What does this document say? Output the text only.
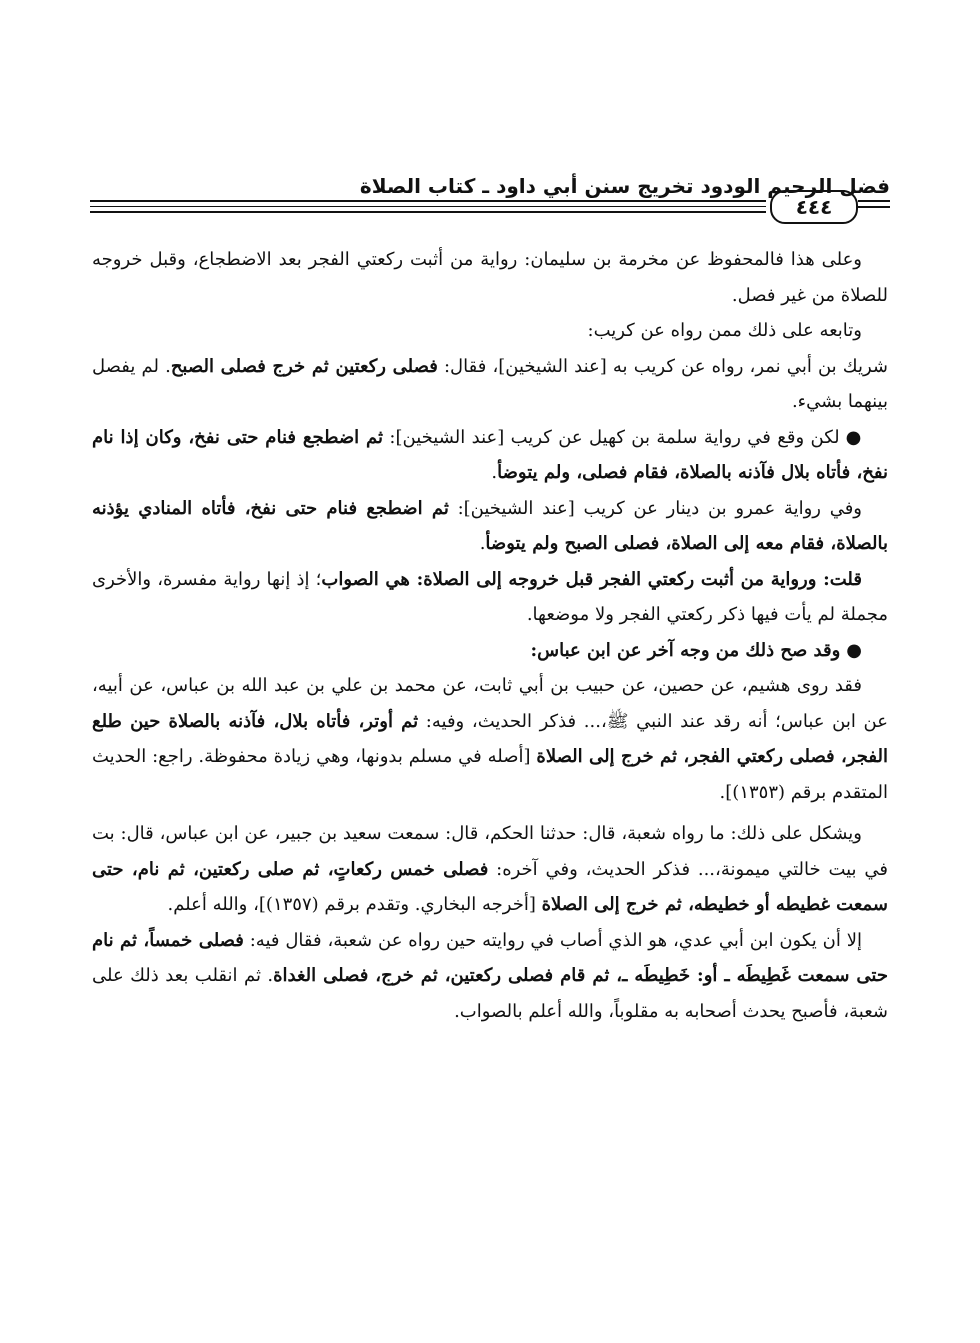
فضل الرحيم الودود تخريج سنن أبي داود ـ كتاب الصلاة
٤٤٤

وعلى هذا فالمحفوظ عن مخرمة بن سليمان: رواية من أثبت ركعتي الفجر بعد الاضطجاع، وقبل خروجه للصلاة من غير فصل.

وتابعه على ذلك ممن رواه عن كريب:

شريك بن أبي نمر، رواه عن كريب به [عند الشيخين]، فقال: فصلى ركعتين ثم خرج فصلى الصبح. لم يفصل بينهما بشيء.

●لكن وقع في رواية سلمة بن كهيل عن كريب [عند الشيخين]: ثم اضطجع فنام حتى نفخ، وكان إذا نام نفخ، فأتاه بلال فآذنه بالصلاة، فقام فصلى، ولم يتوضأ.

وفي رواية عمرو بن دينار عن كريب [عند الشيخين]: ثم اضطجع فنام حتى نفخ، فأتاه المنادي يؤذنه بالصلاة، فقام معه إلى الصلاة، فصلى الصبح ولم يتوضأ.

قلت: ورواية من أثبت ركعتي الفجر قبل خروجه إلى الصلاة: هي الصواب؛ إذ إنها رواية مفسرة، والأخرى مجملة لم يأت فيها ذكر ركعتي الفجر ولا موضعها.

●وقد صح ذلك من وجه آخر عن ابن عباس:

فقد روى هشيم، عن حصين، عن حبيب بن أبي ثابت، عن محمد بن علي بن عبد الله بن عباس، عن أبيه، عن ابن عباس؛ أنه رقد عند النبي ﷺ،... فذكر الحديث، وفيه: ثم أوتر، فأتاه بلال، فآذنه بالصلاة حين طلع الفجر، فصلى ركعتي الفجر، ثم خرج إلى الصلاة [أصله في مسلم بدونها، وهي زيادة محفوظة. راجع: الحديث المتقدم برقم (١٣٥٣)].

ويشكل على ذلك: ما رواه شعبة، قال: حدثنا الحكم، قال: سمعت سعيد بن جبير، عن ابن عباس، قال: بت في بيت خالتي ميمونة،... فذكر الحديث، وفي آخره: فصلى خمس ركعاتٍ، ثم صلى ركعتين، ثم نام، حتى سمعت غطيطه أو خطيطه، ثم خرج إلى الصلاة [أخرجه البخاري. وتقدم برقم (١٣٥٧)]، والله أعلم.

إلا أن يكون ابن أبي عدي، هو الذي أصاب في روايته حين رواه عن شعبة، فقال فيه: فصلى خمساً، ثم نام حتى سمعت غَطِيطَه ـ أو: خَطِيطَه ـ، ثم قام فصلى ركعتين، ثم خرج، فصلى الغداة. ثم انقلب بعد ذلك على شعبة، فأصبح يحدث أصحابه به مقلوباً، والله أعلم بالصواب.
